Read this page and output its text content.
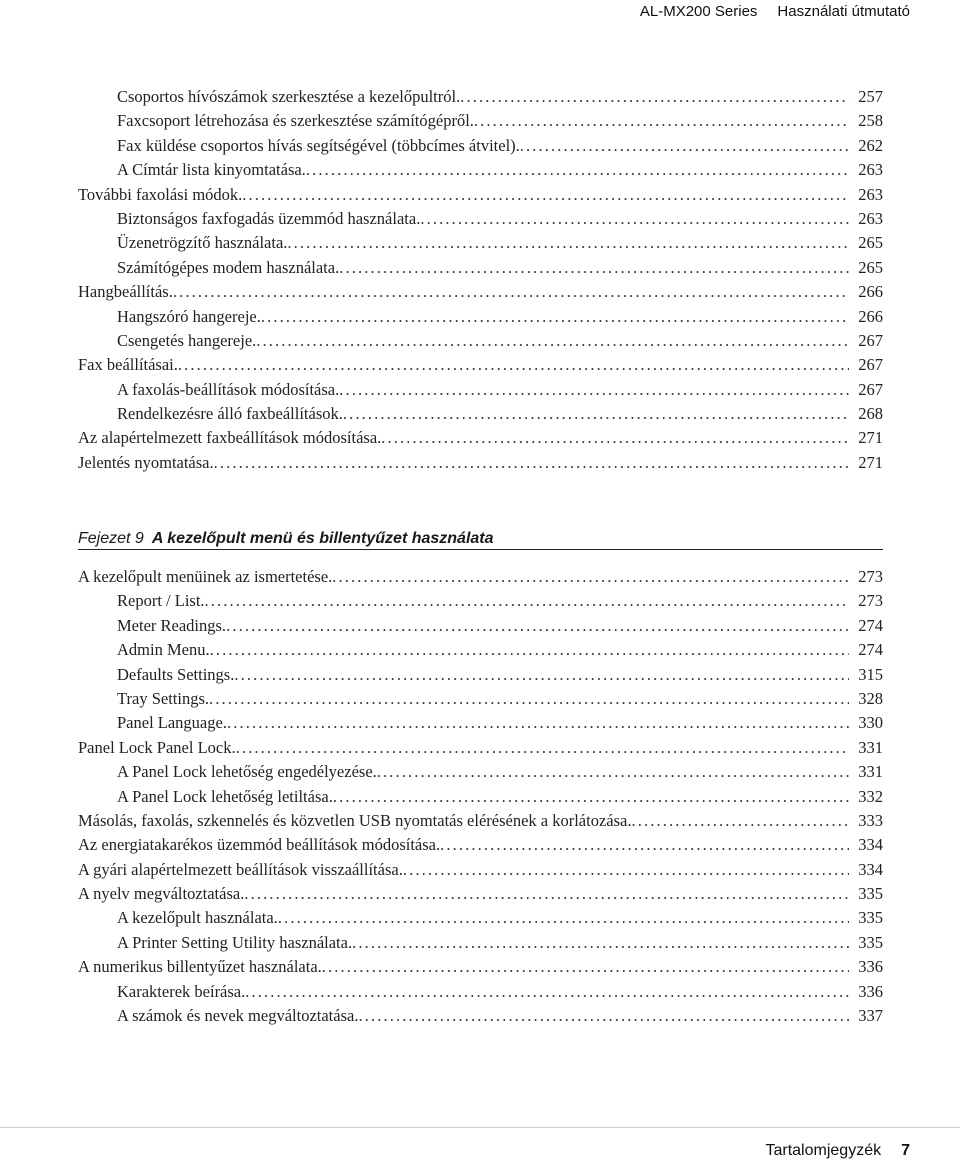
AL-MX200 Series Használati útmutató
Csoportos hívószámok szerkesztése a kezelőpultról. . . .	257
Faxcsoport létrehozása és szerkesztése számítógépről. . . .	258
Fax küldése csoportos hívás segítségével (többcímes átvitel). . . .	262
A Címtár lista kinyomtatása. . . .	263
További faxolási módok. . . .	263
Biztonságos faxfogadás üzemmód használata. . . .	263
Üzenetrögzítő használata. . . .	265
Számítógépes modem használata. . . .	265
Hangbeállítás. . . .	266
Hangszóró hangereje. . . .	266
Csengetés hangereje. . . .	267
Fax beállításai. . . .	267
A faxolás-beállítások módosítása. . . .	267
Rendelkezésre álló faxbeállítások. . . .	268
Az alapértelmezett faxbeállítások módosítása. . . .	271
Jelentés nyomtatása. . . .	271
Fejezet 9 A kezelőpult menü és billentyűzet használata
A kezelőpult menüinek az ismertetése. . . .	273
Report / List. . . .	273
Meter Readings. . . .	274
Admin Menu. . . .	274
Defaults Settings. . . .	315
Tray Settings. . . .	328
Panel Language. . . .	330
Panel Lock Panel Lock. . . .	331
A Panel Lock lehetőség engedélyezése. . . .	331
A Panel Lock lehetőség letiltása. . . .	332
Másolás, faxolás, szkennelés és közvetlen USB nyomtatás elérésének a korlátozása. . . .	333
Az energiatakarékos üzemmód beállítások módosítása. . . .	334
A gyári alapértelmezett beállítások visszaállítása. . . .	334
A nyelv megváltoztatása. . . .	335
A kezelőpult használata. . . .	335
A Printer Setting Utility használata. . . .	335
A numerikus billentyűzet használata. . . .	336
Karakterek beírása. . . .	336
A számok és nevek megváltoztatása. . . .	337
Tartalomjegyzék 7
